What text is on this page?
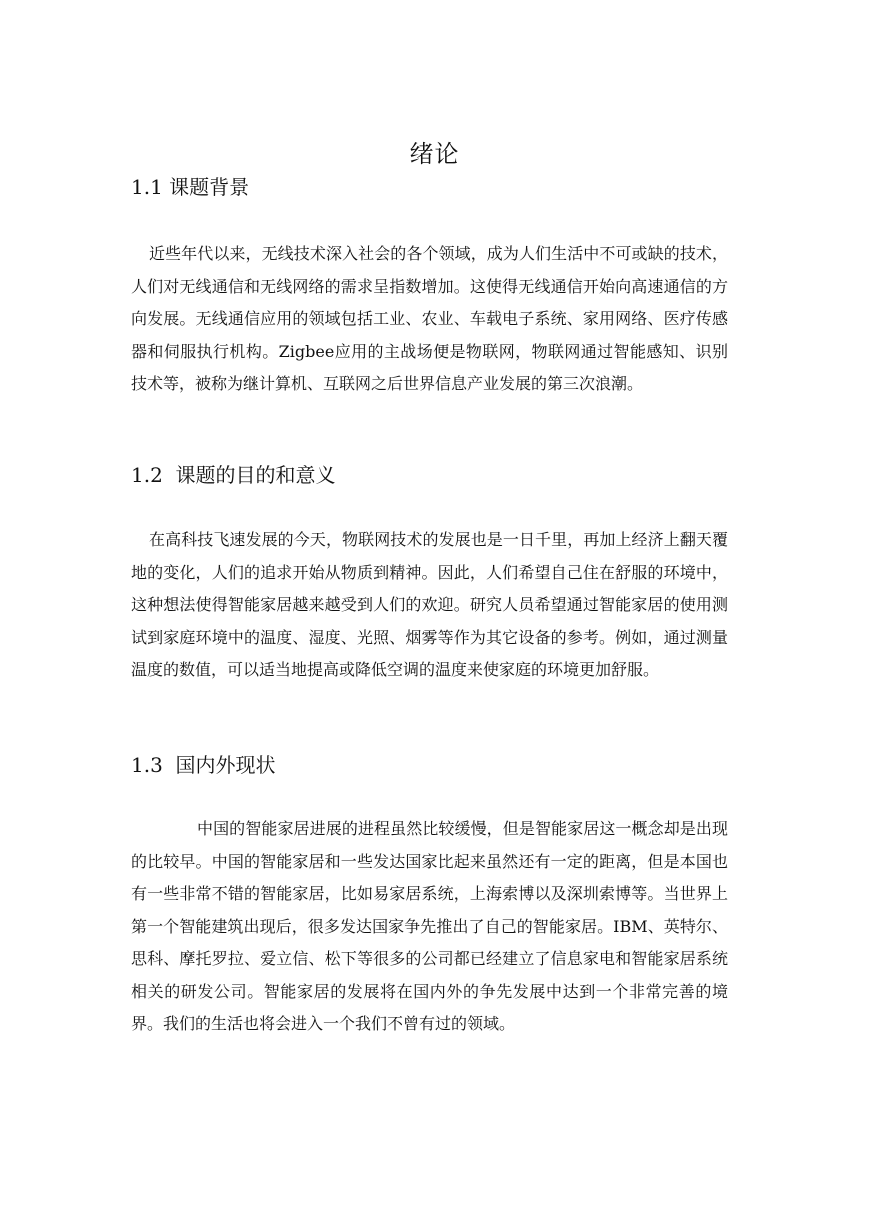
绪论
1.1 课题背景

近些年代以来，无线技术深入社会的各个领域，成为人们生活中不可或缺的技术，人们对无线通信和无线网络的需求呈指数增加。这使得无线通信开始向高速通信的方向发展。无线通信应用的领域包括工业、农业、车载电子系统、家用网络、医疗传感器和伺服执行机构。Zigbee应用的主战场便是物联网，物联网通过智能感知、识别技术等，被称为继计算机、互联网之后世界信息产业发展的第三次浪潮。

1.2  课题的目的和意义

在高科技飞速发展的今天，物联网技术的发展也是一日千里，再加上经济上翻天覆地的变化，人们的追求开始从物质到精神。因此，人们希望自己住在舒服的环境中，这种想法使得智能家居越来越受到人们的欢迎。研究人员希望通过智能家居的使用测试到家庭环境中的温度、湿度、光照、烟雾等作为其它设备的参考。例如，通过测量温度的数值，可以适当地提高或降低空调的温度来使家庭的环境更加舒服。

1.3  国内外现状

中国的智能家居进展的进程虽然比较缓慢，但是智能家居这一概念却是出现的比较早。中国的智能家居和一些发达国家比起来虽然还有一定的距离，但是本国也有一些非常不错的智能家居，比如易家居系统，上海索博以及深圳索博等。当世界上第一个智能建筑出现后，很多发达国家争先推出了自己的智能家居。IBM、英特尔、思科、摩托罗拉、爱立信、松下等很多的公司都已经建立了信息家电和智能家居系统相关的研发公司。智能家居的发展将在国内外的争先发展中达到一个非常完善的境界。我们的生活也将会进入一个我们不曾有过的领域。
